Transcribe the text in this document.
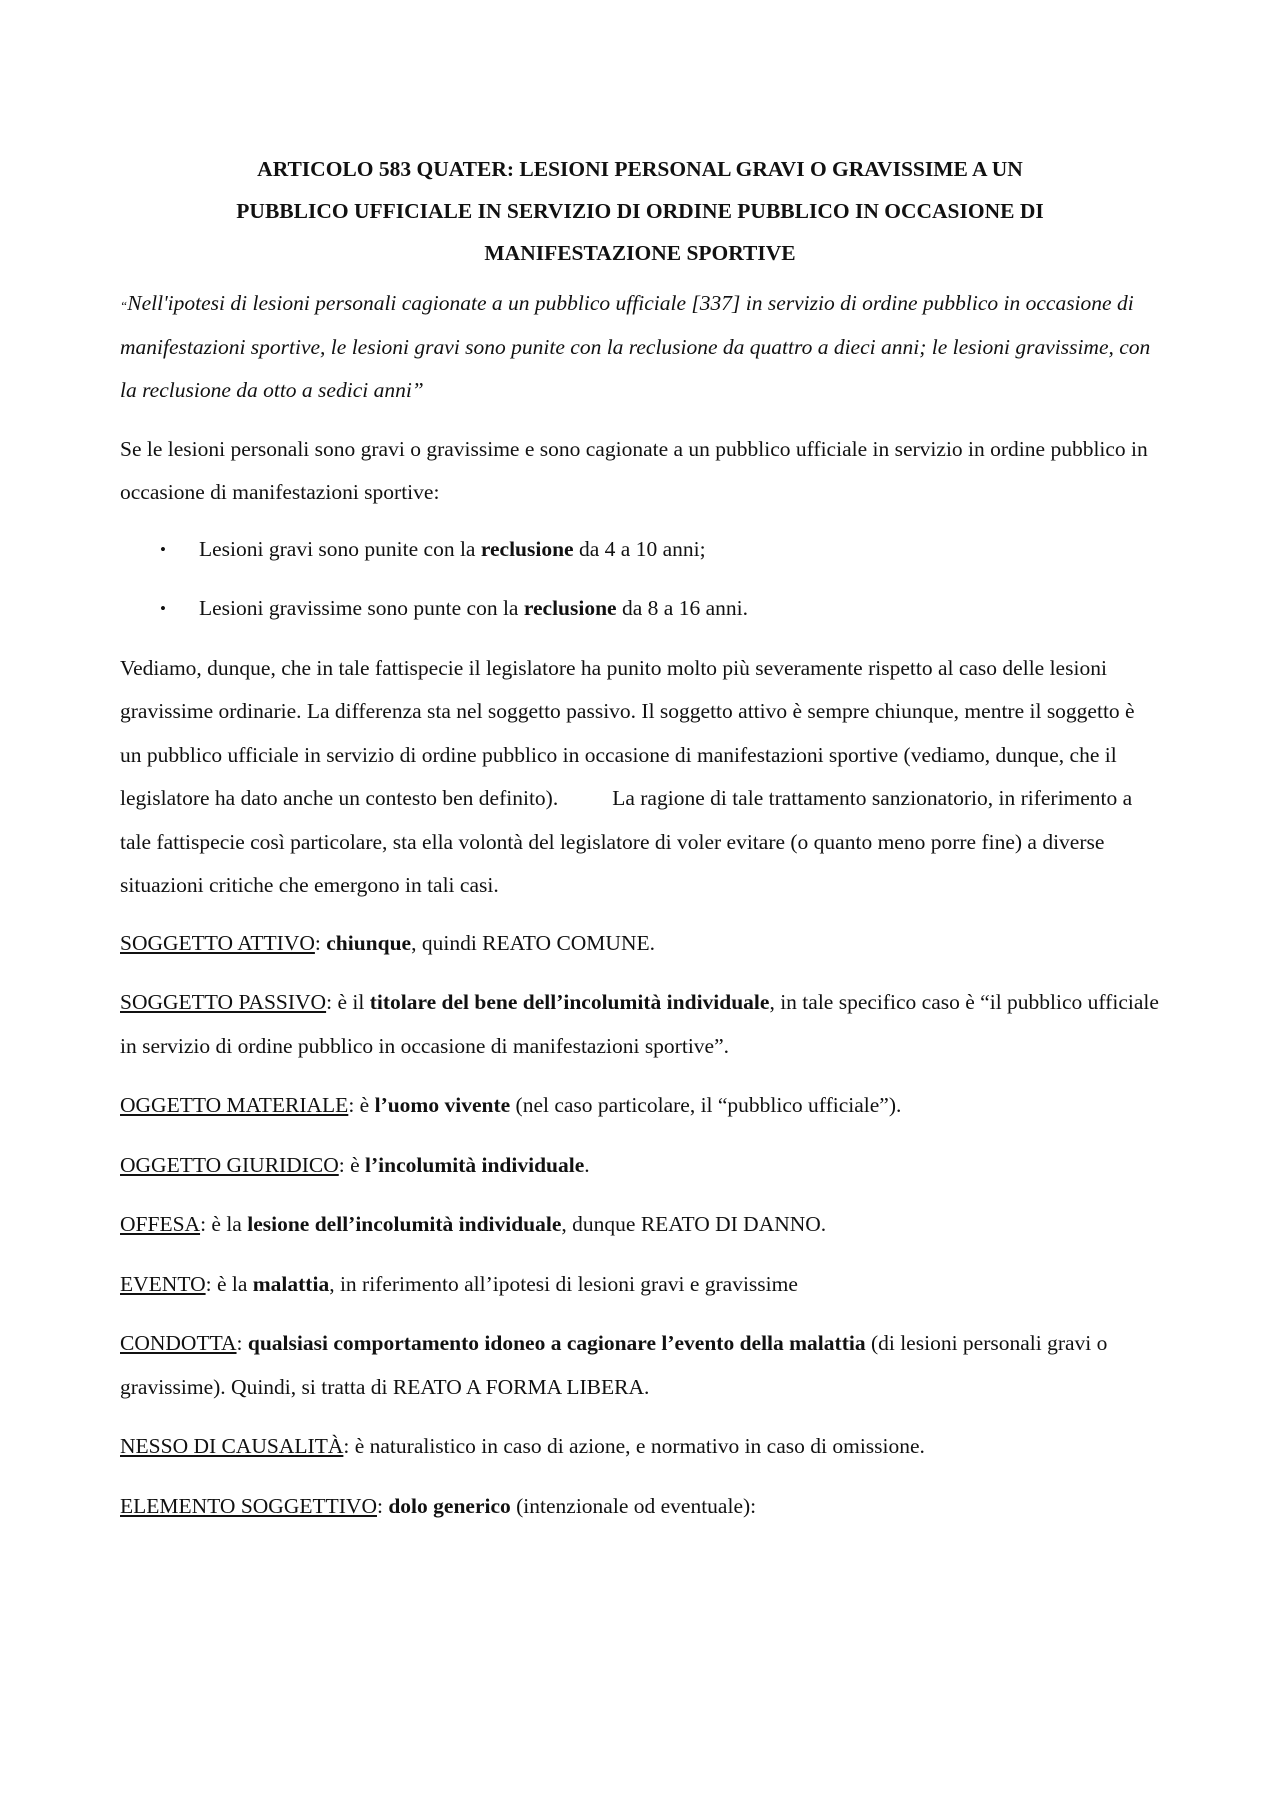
ARTICOLO 583 QUATER: LESIONI PERSONAL GRAVI O GRAVISSIME A UN
PUBBLICO UFFICIALE IN SERVIZIO DI ORDINE PUBBLICO IN OCCASIONE DI
MANIFESTAZIONE SPORTIVE

“Nell'ipotesi di lesioni personali cagionate a un pubblico ufficiale [337] in servizio di ordine pubblico in occasione di manifestazioni sportive, le lesioni gravi sono punite con la reclusione da quattro a dieci anni; le lesioni gravissime, con la reclusione da otto a sedici anni”

Se le lesioni personali sono gravi o gravissime e sono cagionate a un pubblico ufficiale in servizio in ordine pubblico in occasione di manifestazioni sportive:

• Lesioni gravi sono punite con la reclusione da 4 a 10 anni;
• Lesioni gravissime sono punte con la reclusione da 8 a 16 anni.

Vediamo, dunque, che in tale fattispecie il legislatore ha punito molto più severamente rispetto al caso delle lesioni gravissime ordinarie. La differenza sta nel soggetto passivo. Il soggetto attivo è sempre chiunque, mentre il soggetto è un pubblico ufficiale in servizio di ordine pubblico in occasione di manifestazioni sportive (vediamo, dunque, che il legislatore ha dato anche un contesto ben definito).	La ragione di tale trattamento sanzionatorio, in riferimento a tale fattispecie così particolare, sta ella volontà del legislatore di voler evitare (o quanto meno porre fine) a diverse situazioni critiche che emergono in tali casi.

SOGGETTO ATTIVO: chiunque, quindi REATO COMUNE.

SOGGETTO PASSIVO: è il titolare del bene dell’incolumità individuale, in tale specifico caso è “il pubblico ufficiale in servizio di ordine pubblico in occasione di manifestazioni sportive”.

OGGETTO MATERIALE: è l’uomo vivente (nel caso particolare, il “pubblico ufficiale”).

OGGETTO GIURIDICO: è l’incolumità individuale.

OFFESA: è la lesione dell’incolumità individuale, dunque REATO DI DANNO.

EVENTO: è la malattia, in riferimento all’ipotesi di lesioni gravi e gravissime

CONDOTTA: qualsiasi comportamento idoneo a cagionare l’evento della malattia (di lesioni personali gravi o gravissime). Quindi, si tratta di REATO A FORMA LIBERA.

NESSO DI CAUSALITÀ: è naturalistico in caso di azione, e normativo in caso di omissione.

ELEMENTO SOGGETTIVO: dolo generico (intenzionale od eventuale):
